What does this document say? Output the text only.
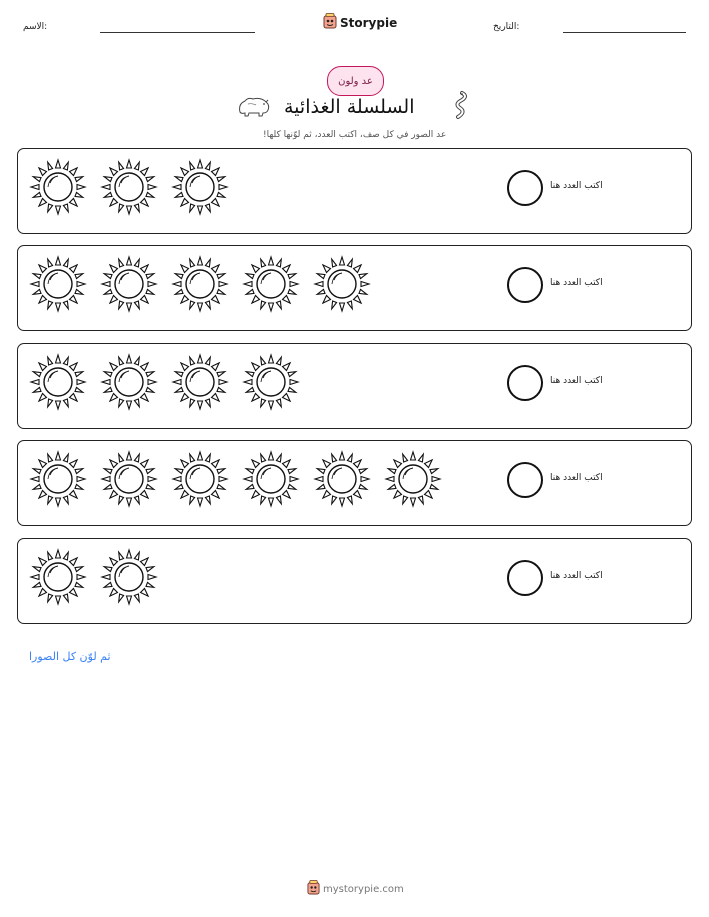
الاسم:	Storypie	التاريخ:
عد ولون
السلسلة الغذائية
عد الصور في كل صف، اكتب العدد، ثم لوّنها كلها!
اكتب العدد هنا
اكتب العدد هنا
اكتب العدد هنا
اكتب العدد هنا
اكتب العدد هنا
ثم لوّن كل الصورا
mystorypie.com
